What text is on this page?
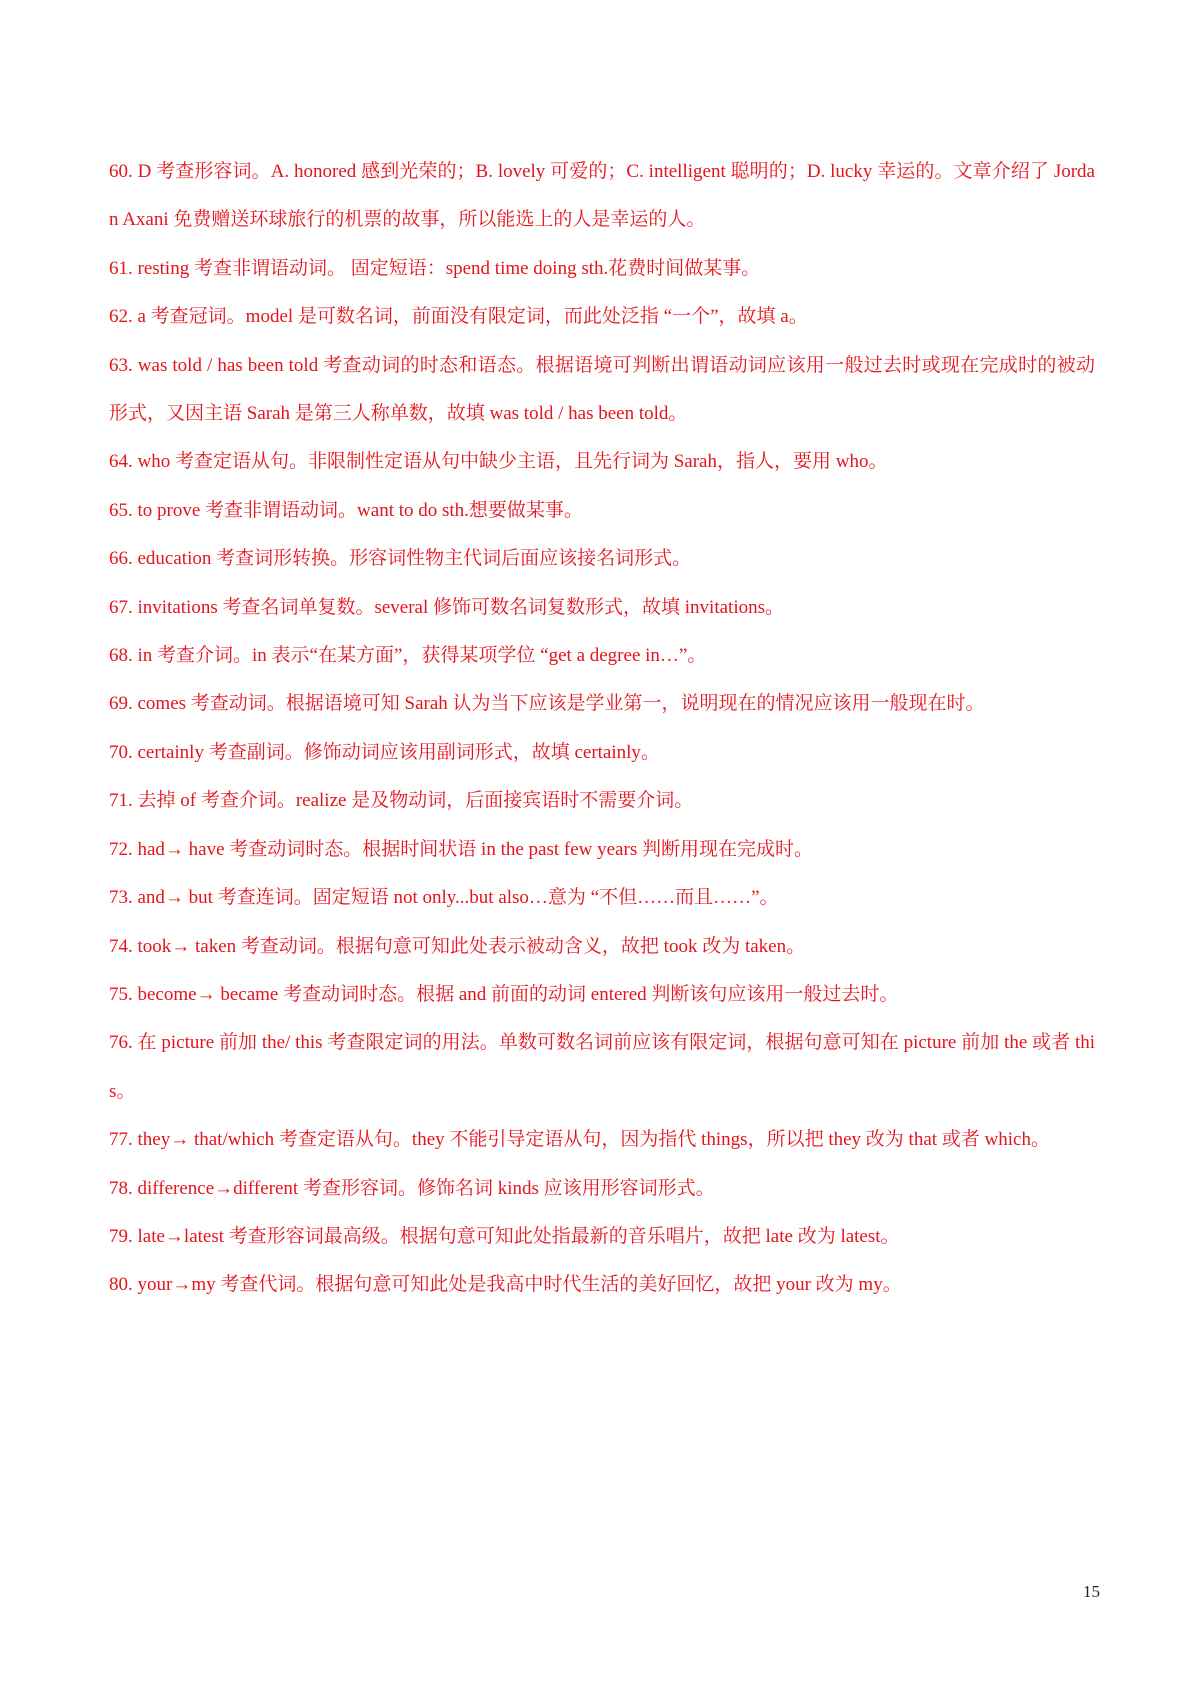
60. D 考查形容词。A. honored 感到光荣的；B. lovely 可爱的；C. intelligent 聪明的；D. lucky 幸运的。文章介绍了 Jordan Axani 免费赠送环球旅行的机票的故事，所以能选上的人是幸运的人。
61. resting 考查非谓语动词。 固定短语：spend time doing sth.花费时间做某事。
62. a 考查冠词。model 是可数名词，前面没有限定词，而此处泛指 “一个”，故填 a。
63. was told / has been told 考查动词的时态和语态。根据语境可判断出谓语动词应该用一般过去时或现在完成时的被动形式，又因主语 Sarah 是第三人称单数，故填 was told / has been told。
64. who 考查定语从句。非限制性定语从句中缺少主语，且先行词为 Sarah，指人，要用 who。
65. to prove 考查非谓语动词。want to do sth.想要做某事。
66. education 考查词形转换。形容词性物主代词后面应该接名词形式。
67. invitations 考查名词单复数。several 修饰可数名词复数形式，故填 invitations。
68. in 考查介词。in 表示“在某方面”，获得某项学位 “get a degree in…”。
69. comes 考查动词。根据语境可知 Sarah 认为当下应该是学业第一，说明现在的情况应该用一般现在时。
70. certainly 考查副词。修饰动词应该用副词形式，故填 certainly。
71. 去掉 of 考查介词。realize 是及物动词，后面接宾语时不需要介词。
72. had→ have 考查动词时态。根据时间状语 in the past few years 判断用现在完成时。
73. and→ but 考查连词。固定短语 not only...but also…意为 “不但……而且……”。
74. took→ taken 考查动词。根据句意可知此处表示被动含义，故把 took 改为 taken。
75. become→ became 考查动词时态。根据 and 前面的动词 entered 判断该句应该用一般过去时。
76. 在 picture 前加 the/ this 考查限定词的用法。单数可数名词前应该有限定词，根据句意可知在 picture 前加 the 或者 this。
77. they→ that/which 考查定语从句。they 不能引导定语从句，因为指代 things，所以把 they 改为 that 或者 which。
78. difference→different 考查形容词。修饰名词 kinds 应该用形容词形式。
79. late→latest 考查形容词最高级。根据句意可知此处指最新的音乐唱片，故把 late 改为 latest。
80. your→my 考查代词。根据句意可知此处是我高中时代生活的美好回忆，故把 your 改为 my。
15
